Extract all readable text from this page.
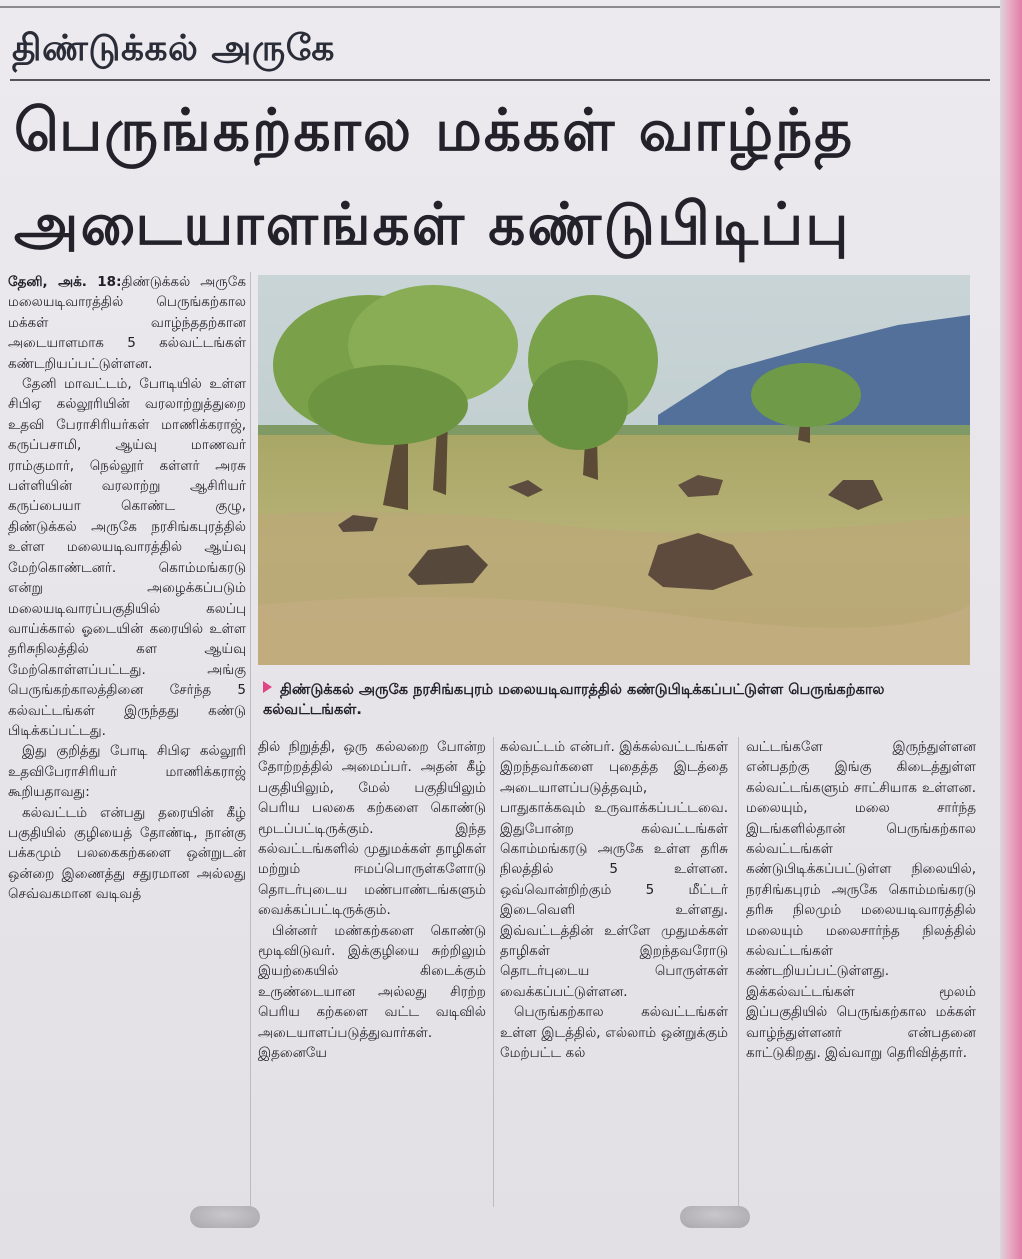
திண்டுக்கல் அருகே
பெருங்கற்கால மக்கள் வாழ்ந்த
அடையாளங்கள் கண்டுபிடிப்பு

தேனி, அக். 18:திண்டுக்கல் அருகே மலையடிவாரத்தில் பெருங்கற்கால மக்கள் வாழ்ந்ததற்கான அடையாளமாக 5 கல்வட்டங்கள் கண்டறியப்பட்டுள்ளன.

தேனி மாவட்டம், போடியில் உள்ள சிபிஏ கல்லூரியின் வரலாற்றுத்துறை உதவி பேராசிரியர்கள் மாணிக்கராஜ், கருப்பசாமி, ஆய்வு மாணவர் ராம்குமார், நெல்லூர் கள்ளர் அரசு பள்ளியின் வரலாற்று ஆசிரியர் கருப்பையா கொண்ட குழு, திண்டுக்கல் அருகே நரசிங்கபுரத்தில் உள்ள மலையடிவாரத்தில் ஆய்வு மேற்கொண்டனர். கொம்மங்கரடு என்று அழைக்கப்படும் மலையடிவாரப்பகுதியில் கலப்பு வாய்க்கால் ஓடையின் கரையில் உள்ள தரிசுநிலத்தில் கள ஆய்வு மேற்கொள்ளப்பட்டது. அங்கு பெருங்கற்காலத்தினை சேர்ந்த 5 கல்வட்டங்கள் இருந்தது கண்டு பிடிக்கப்பட்டது.

இது குறித்து போடி சிபிஏ கல்லூரி உதவிபேராசிரியர் மாணிக்கராஜ் கூறியதாவது:

கல்வட்டம் என்பது தரையின் கீழ் பகுதியில் குழியைத் தோண்டி, நான்கு பக்கமும் பலகைகற்களை ஒன்றுடன் ஒன்றை இணைத்து சதுரமான அல்லது செவ்வகமான வடிவத்

திண்டுக்கல் அருகே நரசிங்கபுரம் மலையடிவாரத்தில் கண்டுபிடிக்கப்பட்டுள்ள பெருங்கற்கால கல்வட்டங்கள்.

தில் நிறுத்தி, ஒரு கல்லறை போன்ற தோற்றத்தில் அமைப்பர். அதன் கீழ் பகுதியிலும், மேல் பகுதியிலும் பெரிய பலகை கற்களை கொண்டு மூடப்பட்டிருக்கும். இந்த கல்வட்டங்களில் முதுமக்கள் தாழிகள் மற்றும் ஈமப்பொருள்களோடு தொடர்புடைய மண்பாண்டங்களும் வைக்கப்பட்டிருக்கும்.

பின்னர் மண்கற்களை கொண்டு மூடிவிடுவர். இக்குழியை சுற்றிலும் இயற்கையில் கிடைக்கும் உருண்டையான அல்லது சிரற்ற பெரிய கற்களை வட்ட வடிவில் அடையாளப்படுத்துவார்கள். இதனையே

கல்வட்டம் என்பர். இக்கல்வட்டங்கள் இறந்தவர்களை புதைத்த இடத்தை அடையாளப்படுத்தவும், பாதுகாக்கவும் உருவாக்கப்பட்டவை. இதுபோன்ற கல்வட்டங்கள் கொம்மங்கரடு அருகே உள்ள தரிசு நிலத்தில் 5 உள்ளன. ஒவ்வொன்றிற்கும் 5 மீட்டர் இடைவெளி உள்ளது. இவ்வட்டத்தின் உள்ளே முதுமக்கள் தாழிகள் இறந்தவரோடு தொடர்புடைய பொருள்கள் வைக்கப்பட்டுள்ளன.

பெருங்கற்கால கல்வட்டங்கள் உள்ள இடத்தில், எல்லாம் ஒன்றுக்கும் மேற்பட்ட கல்

வட்டங்களே இருந்துள்ளன என்பதற்கு இங்கு கிடைத்துள்ள கல்வட்டங்களும் சாட்சியாக உள்ளன. மலையும், மலை சார்ந்த இடங்களில்தான் பெருங்கற்கால கல்வட்டங்கள் கண்டுபிடிக்கப்பட்டுள்ள நிலையில், நரசிங்கபுரம் அருகே கொம்மங்கரடு தரிசு நிலமும் மலையடிவாரத்தில் மலையும் மலைசார்ந்த நிலத்தில் கல்வட்டங்கள் கண்டறியப்பட்டுள்ளது. இக்கல்வட்டங்கள் மூலம் இப்பகுதியில் பெருங்கற்கால மக்கள் வாழ்ந்துள்ளனர் என்பதனை காட்டுகிறது. இவ்வாறு தெரிவித்தார்.
